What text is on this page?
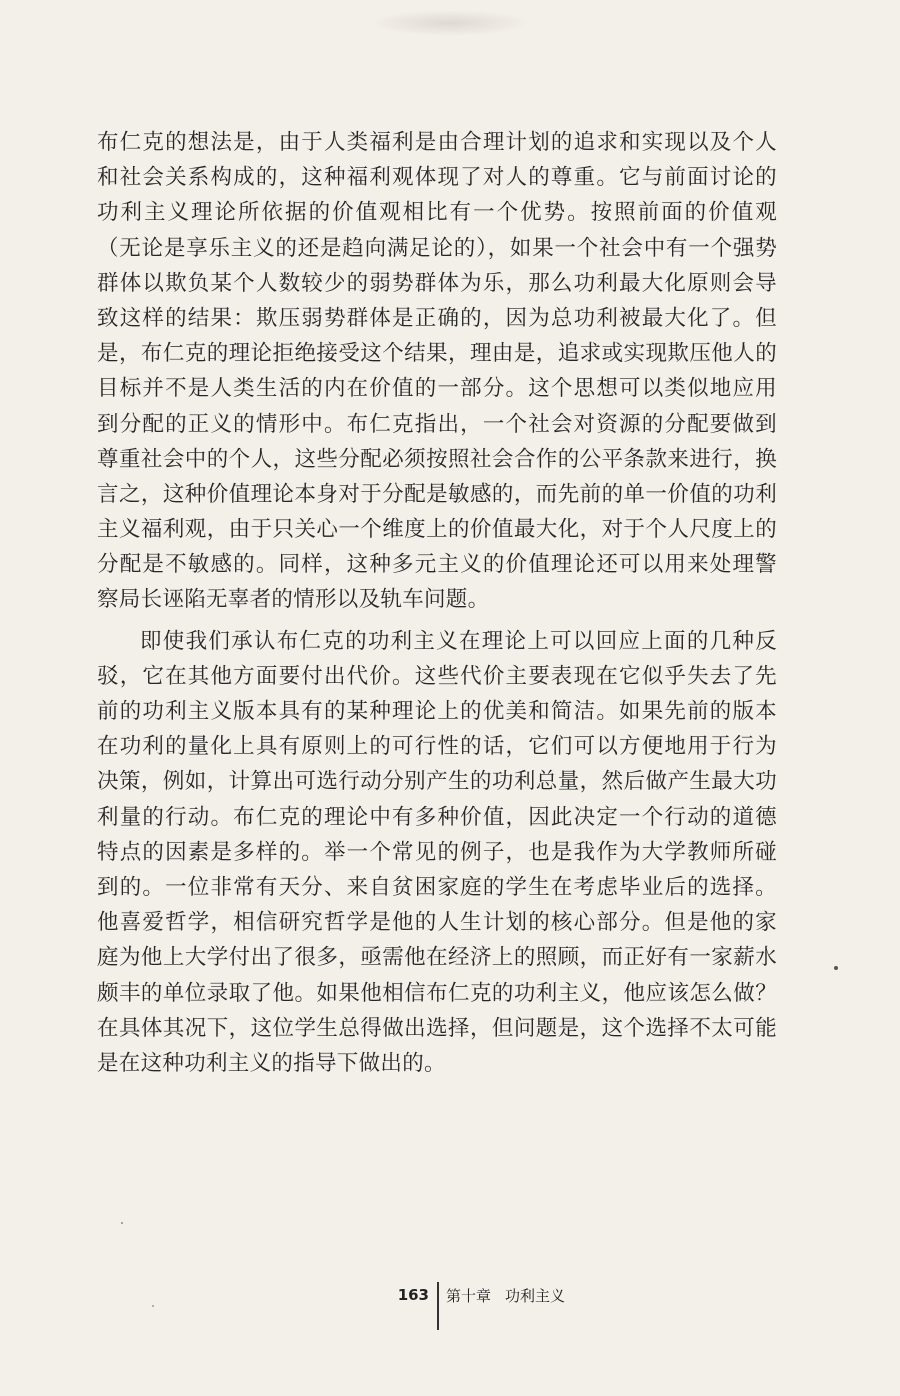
布仁克的想法是，由于人类福利是由合理计划的追求和实现以及个人
和社会关系构成的，这种福利观体现了对人的尊重。它与前面讨论的
功利主义理论所依据的价值观相比有一个优势。按照前面的价值观
（无论是享乐主义的还是趋向满足论的），如果一个社会中有一个强势
群体以欺负某个人数较少的弱势群体为乐，那么功利最大化原则会导
致这样的结果：欺压弱势群体是正确的，因为总功利被最大化了。但
是，布仁克的理论拒绝接受这个结果，理由是，追求或实现欺压他人的
目标并不是人类生活的内在价值的一部分。这个思想可以类似地应用
到分配的正义的情形中。布仁克指出，一个社会对资源的分配要做到
尊重社会中的个人，这些分配必须按照社会合作的公平条款来进行，换
言之，这种价值理论本身对于分配是敏感的，而先前的单一价值的功利
主义福利观，由于只关心一个维度上的价值最大化，对于个人尺度上的
分配是不敏感的。同样，这种多元主义的价值理论还可以用来处理警
察局长诬陷无辜者的情形以及轨车问题。
即使我们承认布仁克的功利主义在理论上可以回应上面的几种反
驳，它在其他方面要付出代价。这些代价主要表现在它似乎失去了先
前的功利主义版本具有的某种理论上的优美和简洁。如果先前的版本
在功利的量化上具有原则上的可行性的话，它们可以方便地用于行为
决策，例如，计算出可选行动分别产生的功利总量，然后做产生最大功
利量的行动。布仁克的理论中有多种价值，因此决定一个行动的道德
特点的因素是多样的。举一个常见的例子，也是我作为大学教师所碰
到的。一位非常有天分、来自贫困家庭的学生在考虑毕业后的选择。
他喜爱哲学，相信研究哲学是他的人生计划的核心部分。但是他的家
庭为他上大学付出了很多，亟需他在经济上的照顾，而正好有一家薪水
颇丰的单位录取了他。如果他相信布仁克的功利主义，他应该怎么做？
在具体其况下，这位学生总得做出选择，但问题是，这个选择不太可能
是在这种功利主义的指导下做出的。
163 第十章 功利主义
